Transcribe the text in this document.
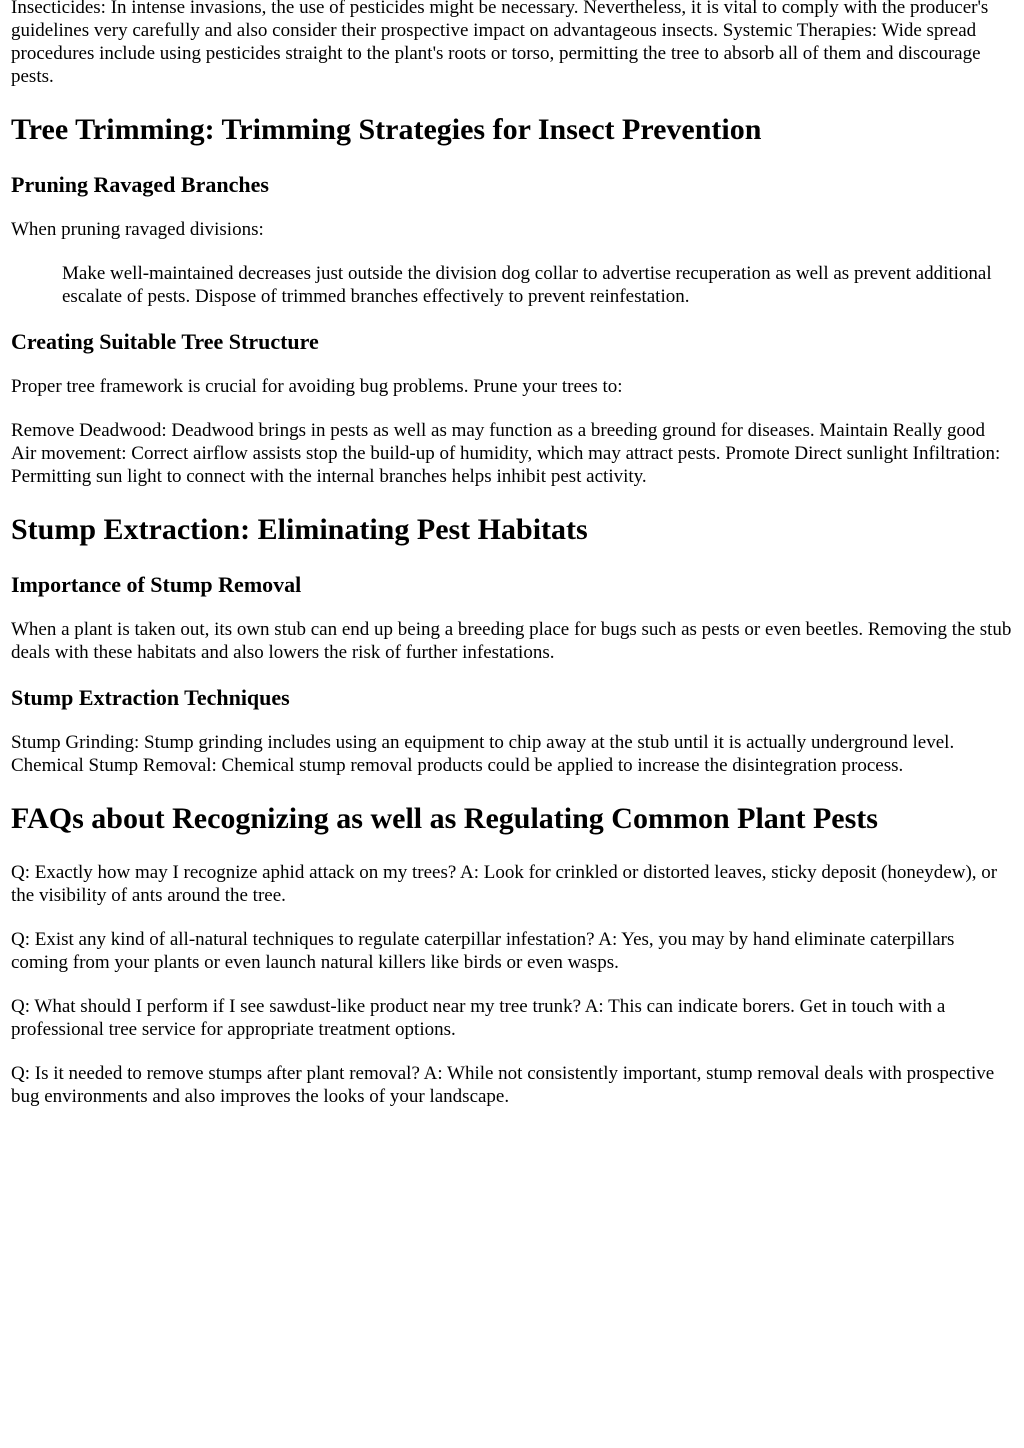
Insecticides: In intense invasions, the use of pesticides might be necessary. Nevertheless, it is vital to comply with the producer's guidelines very carefully and also consider their prospective impact on advantageous insects. Systemic Therapies: Wide spread procedures include using pesticides straight to the plant's roots or torso, permitting the tree to absorb all of them and discourage pests.

Tree Trimming: Trimming Strategies for Insect Prevention
Pruning Ravaged Branches

When pruning ravaged divisions:

Make well-maintained decreases just outside the division dog collar to advertise recuperation as well as prevent additional escalate of pests. Dispose of trimmed branches effectively to prevent reinfestation.
Creating Suitable Tree Structure

Proper tree framework is crucial for avoiding bug problems. Prune your trees to:

Remove Deadwood: Deadwood brings in pests as well as may function as a breeding ground for diseases. Maintain Really good Air movement: Correct airflow assists stop the build-up of humidity, which may attract pests. Promote Direct sunlight Infiltration: Permitting sun light to connect with the internal branches helps inhibit pest activity.

Stump Extraction: Eliminating Pest Habitats
Importance of Stump Removal

When a plant is taken out, its own stub can end up being a breeding place for bugs such as pests or even beetles. Removing the stub deals with these habitats and also lowers the risk of further infestations.

Stump Extraction Techniques

Stump Grinding: Stump grinding includes using an equipment to chip away at the stub until it is actually underground level. Chemical Stump Removal: Chemical stump removal products could be applied to increase the disintegration process.

FAQs about Recognizing as well as Regulating Common Plant Pests

Q: Exactly how may I recognize aphid attack on my trees? A: Look for crinkled or distorted leaves, sticky deposit (honeydew), or the visibility of ants around the tree.

Q: Exist any kind of all-natural techniques to regulate caterpillar infestation? A: Yes, you may by hand eliminate caterpillars coming from your plants or even launch natural killers like birds or even wasps.

Q: What should I perform if I see sawdust-like product near my tree trunk? A: This can indicate borers. Get in touch with a professional tree service for appropriate treatment options.

Q: Is it needed to remove stumps after plant removal? A: While not consistently important, stump removal deals with prospective bug environments and also improves the looks of your landscape.
